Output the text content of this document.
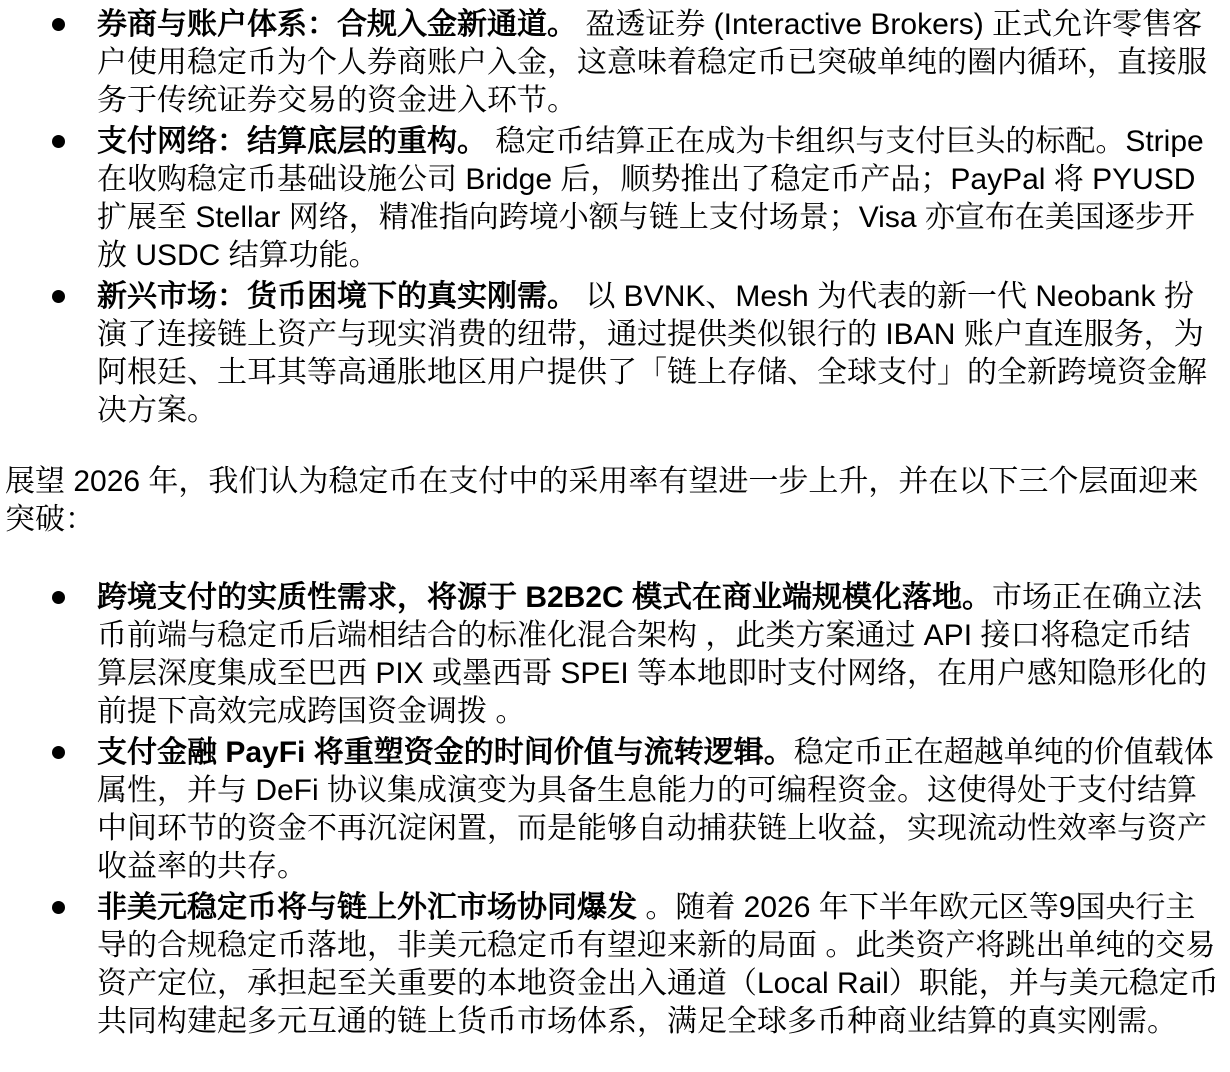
券商与账户体系：合规入金新通道。 盈透证券 (Interactive Brokers) 正式允许零售客户使用稳定币为个人券商账户入金，这意味着稳定币已突破单纯的圈内循环，直接服务于传统证券交易的资金进入环节。
支付网络：结算底层的重构。 稳定币结算正在成为卡组织与支付巨头的标配。Stripe 在收购稳定币基础设施公司 Bridge 后，顺势推出了稳定币产品；PayPal 将 PYUSD 扩展至 Stellar 网络，精准指向跨境小额与链上支付场景；Visa 亦宣布在美国逐步开放 USDC 结算功能。
新兴市场：货币困境下的真实刚需。 以 BVNK、Mesh 为代表的新一代 Neobank 扮演了连接链上资产与现实消费的纽带，通过提供类似银行的 IBAN 账户直连服务，为阿根廷、土耳其等高通胀地区用户提供了「链上存储、全球支付」的全新跨境资金解决方案。

展望 2026 年，我们认为稳定币在支付中的采用率有望进一步上升，并在以下三个层面迎来突破：

跨境支付的实质性需求，将源于 B2B2C 模式在商业端规模化落地。市场正在确立法币前端与稳定币后端相结合的标准化混合架构 ，此类方案通过 API 接口将稳定币结算层深度集成至巴西 PIX 或墨西哥 SPEI 等本地即时支付网络，在用户感知隐形化的前提下高效完成跨国资金调拨 。
支付金融 PayFi 将重塑资金的时间价值与流转逻辑。稳定币正在超越单纯的价值载体属性，并与 DeFi 协议集成演变为具备生息能力的可编程资金。这使得处于支付结算中间环节的资金不再沉淀闲置，而是能够自动捕获链上收益，实现流动性效率与资产收益率的共存。
非美元稳定币将与链上外汇市场协同爆发 。随着 2026 年下半年欧元区等9国央行主导的合规稳定币落地，非美元稳定币有望迎来新的局面 。此类资产将跳出单纯的交易资产定位，承担起至关重要的本地资金出入通道（Local Rail）职能，并与美元稳定币共同构建起多元互通的链上货币市场体系，满足全球多币种商业结算的真实刚需。
